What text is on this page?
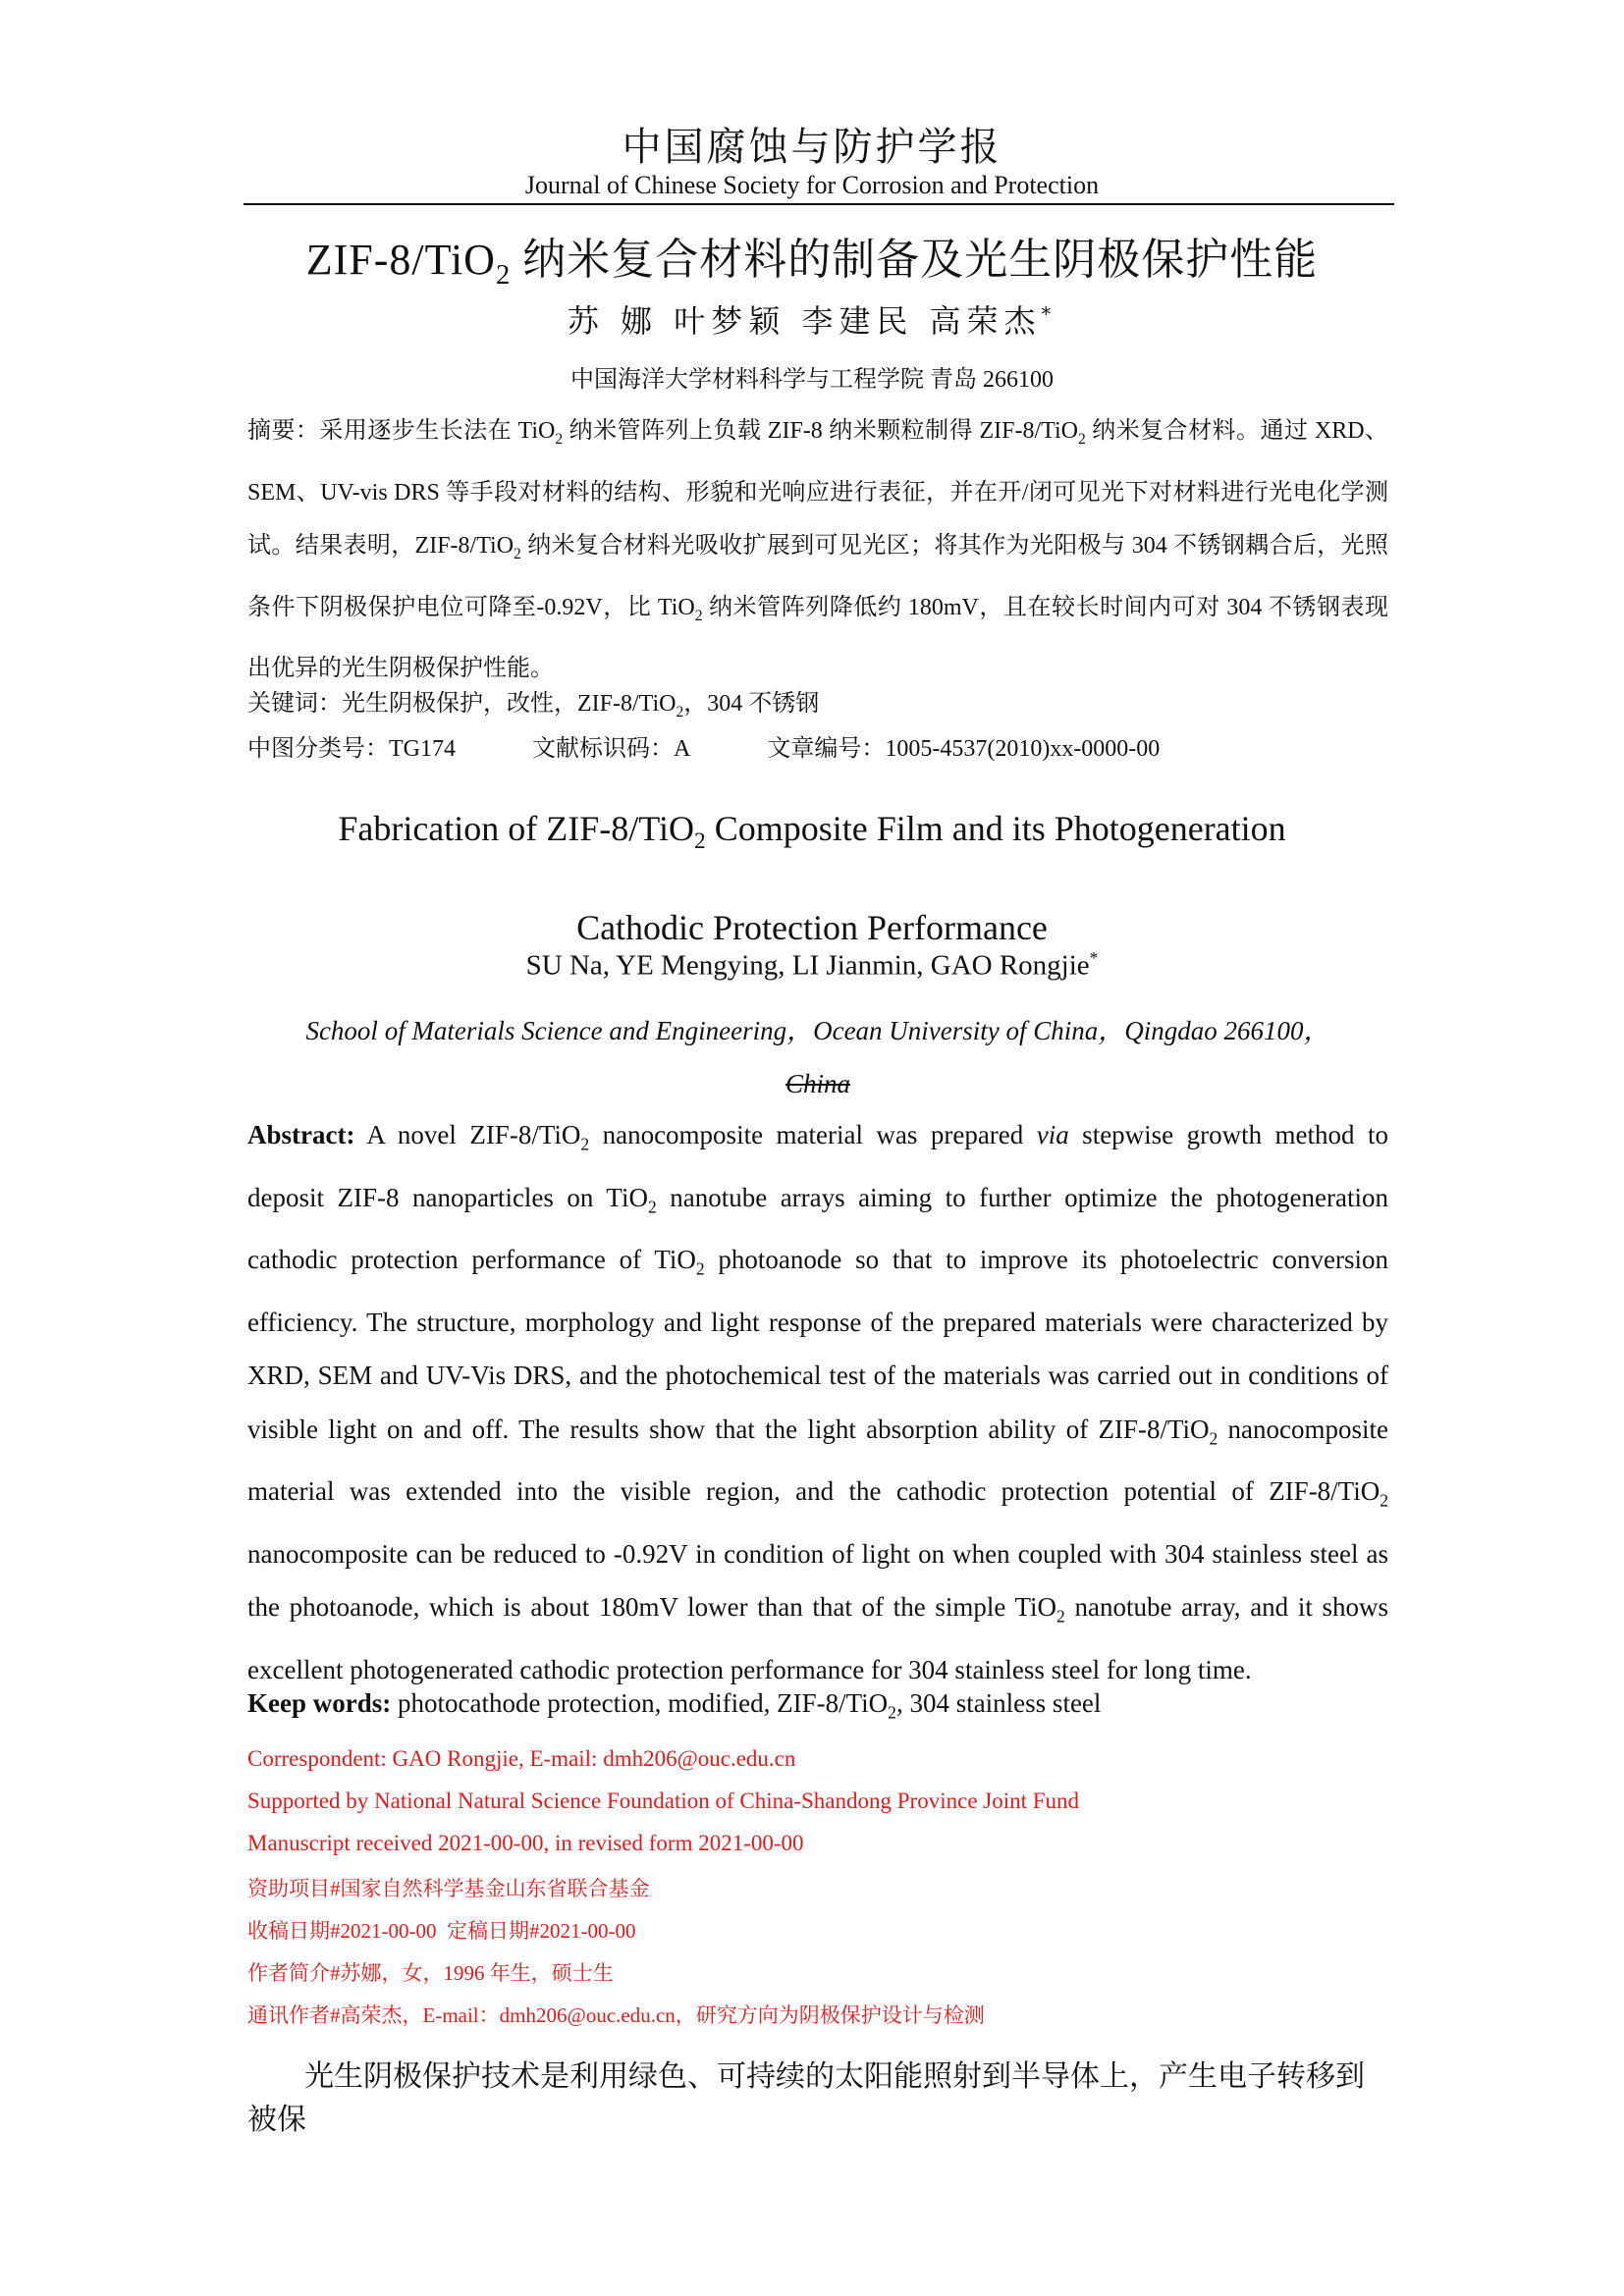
中国腐蚀与防护学报
Journal of Chinese Society for Corrosion and Protection
ZIF-8/TiO$_2$ 纳米复合材料的制备及光生阴极保护性能
苏 娜 叶梦颖 李建民 高荣杰*
中国海洋大学材料科学与工程学院 青岛 266100
摘要：采用逐步生长法在 TiO$_2$ 纳米管阵列上负载 ZIF-8 纳米颗粒制得 ZIF-8/TiO$_2$ 纳米复合材料。通过 XRD、SEM、UV-vis DRS 等手段对材料的结构、形貌和光响应进行表征，并在开/闭可见光下对材料进行光电化学测试。结果表明，ZIF-8/TiO$_2$ 纳米复合材料光吸收扩展到可见光区；将其作为光阳极与 304 不锈钢耦合后，光照条件下阴极保护电位可降至-0.92V，比 TiO$_2$ 纳米管阵列降低约 180mV，且在较长时间内可对 304 不锈钢表现出优异的光生阴极保护性能。
关键词：光生阴极保护，改性，ZIF-8/TiO$_2$，304 不锈钢
中图分类号：TG174	文献标识码：A	文章编号：1005-4537(2010)xx-0000-00
Fabrication of ZIF-8/TiO$_2$ Composite Film and its Photogeneration Cathodic Protection Performance
SU Na, YE Mengying, LI Jianmin, GAO Rongjie*
School of Materials Science and Engineering，Ocean University of China，Qingdao 266100，
China
Abstract: A novel ZIF-8/TiO$_2$ nanocomposite material was prepared via stepwise growth method to deposit ZIF-8 nanoparticles on TiO$_2$ nanotube arrays aiming to further optimize the photogeneration cathodic protection performance of TiO$_2$ photoanode so that to improve its photoelectric conversion efficiency. The structure, morphology and light response of the prepared materials were characterized by XRD, SEM and UV-Vis DRS, and the photochemical test of the materials was carried out in conditions of visible light on and off. The results show that the light absorption ability of ZIF-8/TiO$_2$ nanocomposite material was extended into the visible region, and the cathodic protection potential of ZIF-8/TiO$_2$ nanocomposite can be reduced to -0.92V in condition of light on when coupled with 304 stainless steel as the photoanode, which is about 180mV lower than that of the simple TiO$_2$ nanotube array, and it shows excellent photogenerated cathodic protection performance for 304 stainless steel for long time.
Keep words: photocathode protection, modified, ZIF-8/TiO$_2$, 304 stainless steel
Correspondent: GAO Rongjie, E-mail: dmh206@ouc.edu.cn
Supported by National Natural Science Foundation of China-Shandong Province Joint Fund
Manuscript received 2021-00-00, in revised form 2021-00-00
资助项目#国家自然科学基金山东省联合基金
收稿日期#2021-00-00  定稿日期#2021-00-00
作者简介#苏娜，女，1996 年生，硕士生
通讯作者#高荣杰，E-mail：dmh206@ouc.edu.cn，研究方向为阴极保护设计与检测
光生阴极保护技术是利用绿色、可持续的太阳能照射到半导体上，产生电子转移到被保
